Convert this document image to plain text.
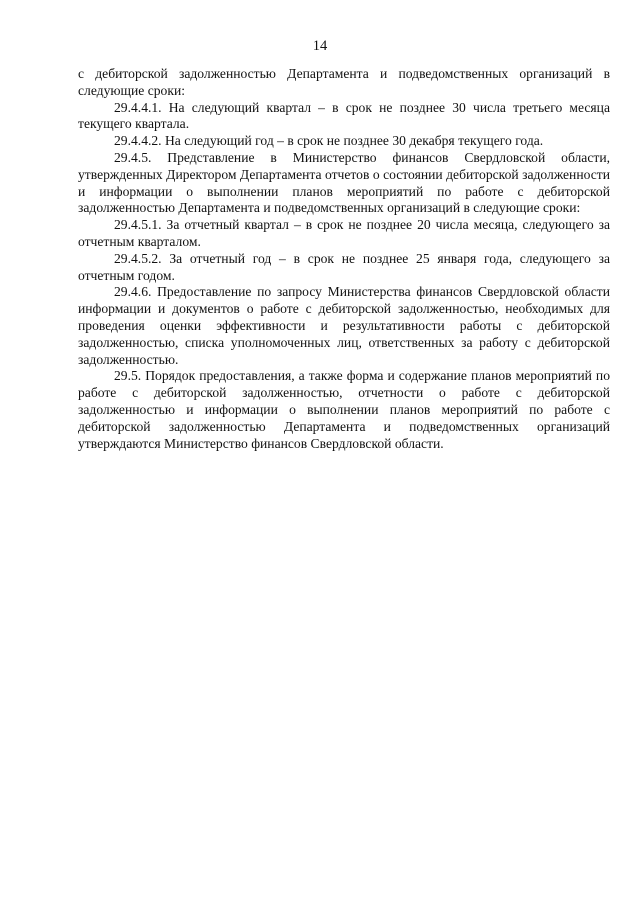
14

с дебиторской задолженностью Департамента и подведомственных организаций в следующие сроки:

29.4.4.1. На следующий квартал – в срок не позднее 30 числа третьего месяца текущего квартала.

29.4.4.2. На следующий год – в срок не позднее 30 декабря текущего года.

29.4.5. Представление в Министерство финансов Свердловской области, утвержденных Директором Департамента отчетов о состоянии дебиторской задолженности и информации о выполнении планов мероприятий по работе с дебиторской задолженностью Департамента и подведомственных организаций в следующие сроки:

29.4.5.1. За отчетный квартал – в срок не позднее 20 числа месяца, следующего за отчетным кварталом.

29.4.5.2. За отчетный год – в срок не позднее 25 января года, следующего за отчетным годом.

29.4.6. Предоставление по запросу Министерства финансов Свердловской области информации и документов о работе с дебиторской задолженностью, необходимых для проведения оценки эффективности и результативности работы с дебиторской задолженностью, списка уполномоченных лиц, ответственных за работу с дебиторской задолженностью.

29.5. Порядок предоставления, а также форма и содержание планов мероприятий по работе с дебиторской задолженностью, отчетности о работе с дебиторской задолженностью и информации о выполнении планов мероприятий по работе с дебиторской задолженностью Департамента и подведомственных организаций утверждаются Министерство финансов Свердловской области.
